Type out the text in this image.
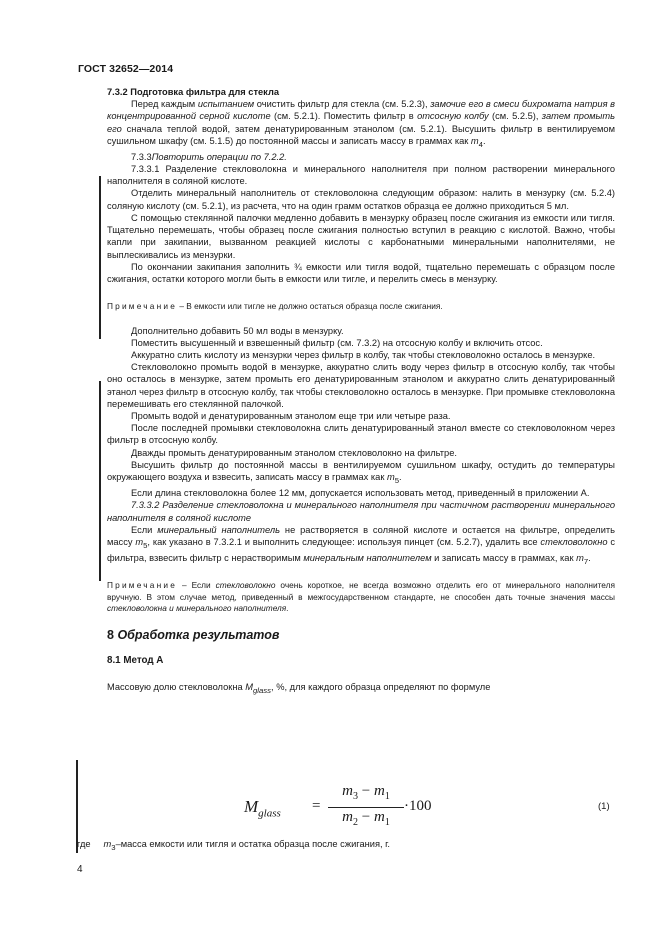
ГОСТ 32652—2014

7.3.2 Подготовка фильтра для стекла

Перед каждым испытанием очистить фильтр для стекла (см. 5.2.3), замочие его в смеси бихромата натрия в концентрированной серной кислоте (см. 5.2.1). Поместить фильтр в отсосную колбу (см. 5.2.5), затем промыть его сначала теплой водой, затем денатурированным этанолом (см. 5.2.1). Высушить фильтр в вентилируемом сушильном шкафу (см. 5.1.5) до постоянной массы и записать массу в граммах как $m_4$.

7.3.3Повторить операции по 7.2.2.

7.3.3.1 Разделение стекловолокна и минерального наполнителя при полном растворении минерального наполнителя в соляной кислоте.

Отделить минеральный наполнитель от стекловолокна следующим образом: налить в мензурку (см. 5.2.4) соляную кислоту (см. 5.2.1), из расчета, что на один грамм остатков образца ее должно приходиться 5 мл.

С помощью стеклянной палочки медленно добавить в мензурку образец после сжигания из емкости или тигля. Тщательно перемешать, чтобы образец после сжигания полностью вступил в реакцию с кислотой. Важно, чтобы капли при закипании, вызванном реакцией кислоты с карбонатными минеральными наполнителями, не выплескивались из мензурки.

По окончании закипания заполнить ¾ емкости или тигля водой, тщательно перемешать с образцом после сжигания, остатки которого могли быть в емкости или тигле, и перелить смесь в мензурку.

Примечание – В емкости или тигле не должно остаться образца после сжигания.

Дополнительно добавить 50 мл воды в мензурку.

Поместить высушенный и взвешенный фильтр (см. 7.3.2) на отсосную колбу и включить отсос.

Аккуратно слить кислоту из мензурки через фильтр в колбу, так чтобы стекловолокно осталось в мензурке.

Стекловолокно промыть водой в мензурке, аккуратно слить воду через фильтр в отсосную колбу, так чтобы оно осталось в мензурке, затем промыть его денатурированным этанолом и аккуратно слить денатурированный этанол через фильтр в отсосную колбу, так чтобы стекловолокно осталось в мензурке. При промывке стекловолокна перемешивать его стеклянной палочкой.

Промыть водой и денатурированным этанолом еще три или четыре раза.

После последней промывки стекловолокна слить денатурированный этанол вместе со стекловолокном через фильтр в отсосную колбу.

Дважды промыть денатурированным этанолом стекловолокно на фильтре.

Высушить фильтр до постоянной массы в вентилируемом сушильном шкафу, остудить до температуры окружающего воздуха и взвесить, записать массу в граммах как $m_5$.

Если длина стекловолокна более 12 мм, допускается использовать метод, приведенный в приложении А.

7.3.3.2 Разделение стекловолокна и минерального наполнителя при частичном растворении минерального наполнителя в соляной кислоте

Если минеральный наполнитель не растворяется в соляной кислоте и остается на фильтре, определить массу $m_5$, как указано в 7.3.2.1 и выполнить следующее: используя пинцет (см. 5.2.7), удалить все стекловолокно с фильтра, взвесить фильтр с нерастворимым минеральным наполнителем и записать массу в граммах, как $m_7$.

Примечание – Если стекловолокно очень короткое, не всегда возможно отделить его от минерального наполнителя вручную. В этом случае метод, приведенный в межгосударственном стандарте, не способен дать точные значения массы стекловолокна и минерального наполнителя.

8 Обработка результатов

8.1 Метод А

Массовую долю стекловолокна $M_{glass}$, %, для каждого образца определяют по формуле

$M_{glass}$ =
$m_3 - m_1$
$m_2 - m_1$
·100	(1)
где $m_3$–масса емкости или тигля и остатка образца после сжигания, г.
4
